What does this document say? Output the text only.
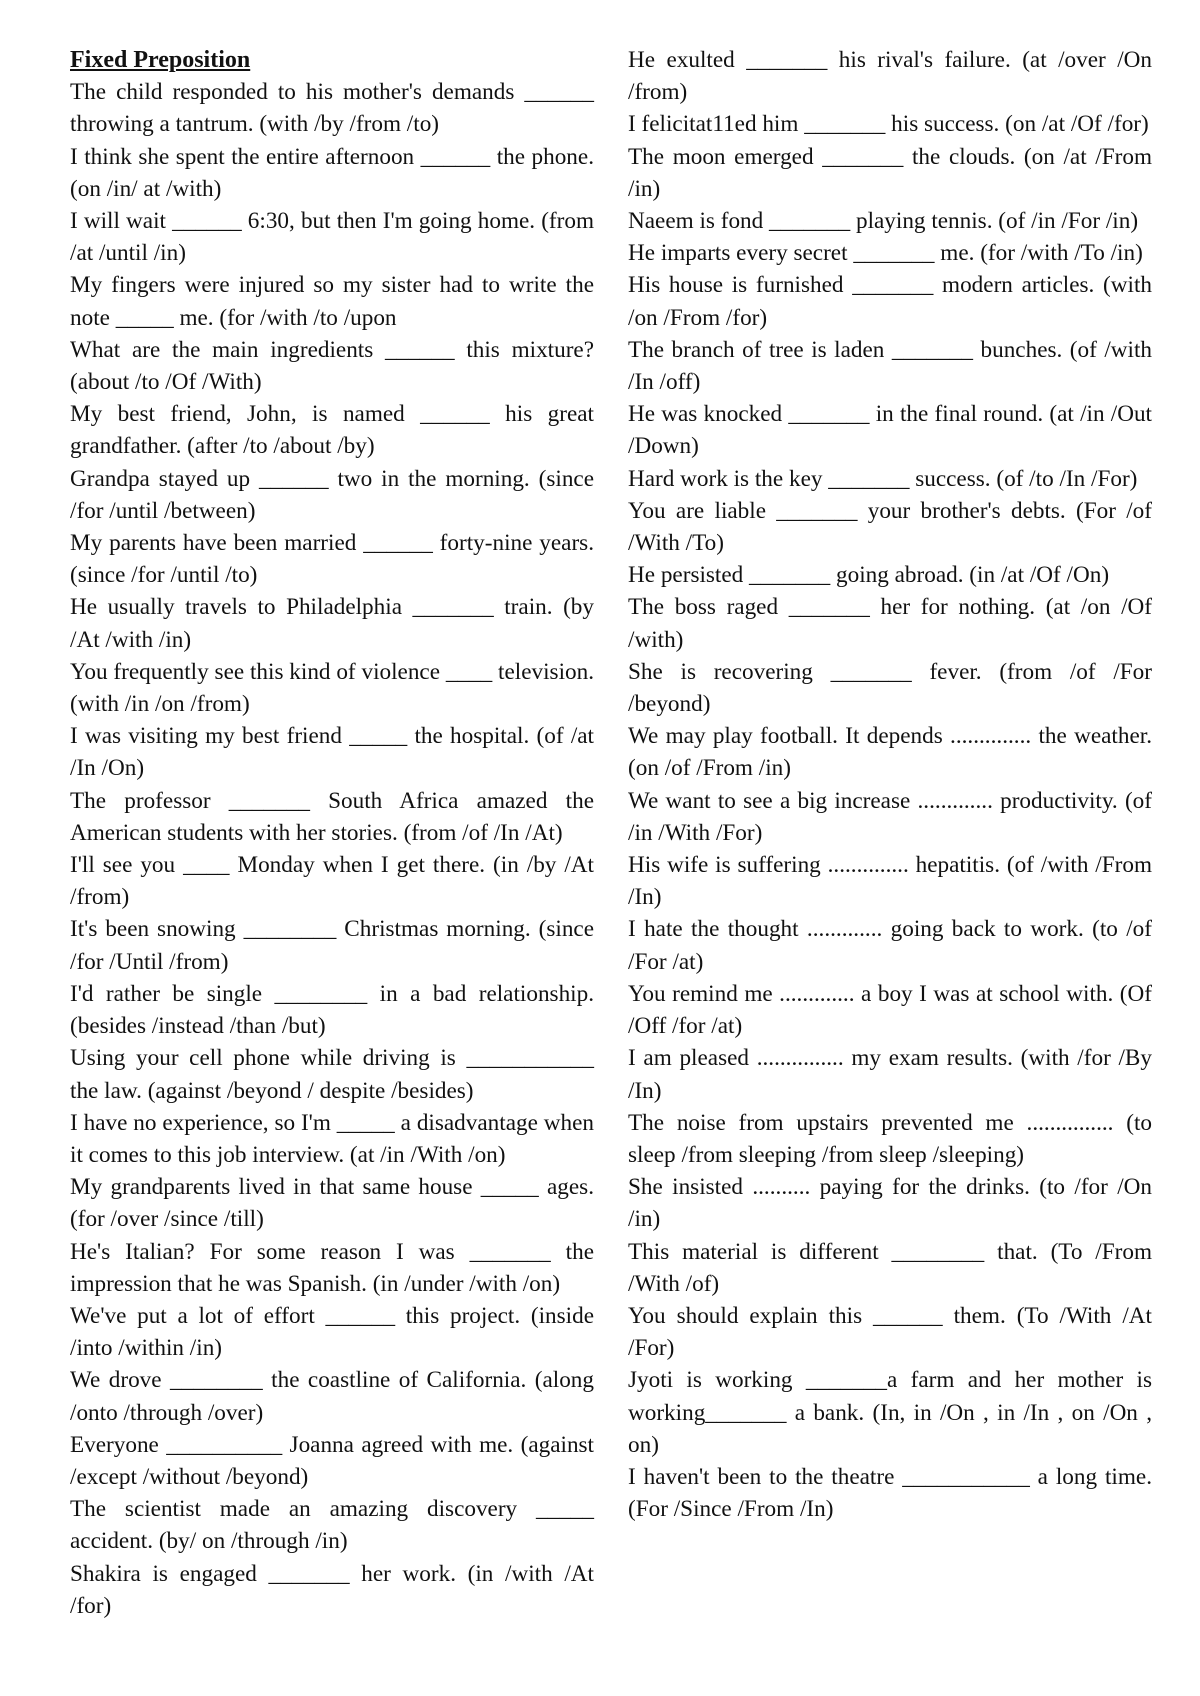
Fixed Preposition

The child responded to his mother's demands ______ throwing a tantrum. (with /by /from /to)

I think she spent the entire afternoon ______ the phone. (on /in/ at /with)

I will wait ______ 6:30, but then I'm going home. (from /at /until /in)

My fingers were injured so my sister had to write the note _____ me. (for /with /to /upon

What are the main ingredients ______ this mixture? (about /to /Of /With)

My best friend, John, is named ______ his great grandfather. (after /to /about /by)

Grandpa stayed up ______ two in the morning. (since /for /until /between)

My parents have been married ______ forty-nine years. (since /for /until /to)

He usually travels to Philadelphia _______ train. (by /At /with /in)

You frequently see this kind of violence ____ television. (with /in /on /from)

I was visiting my best friend _____ the hospital. (of /at /In /On)

The professor _______ South Africa amazed the American students with her stories. (from /of /In /At)

I'll see you ____ Monday when I get there. (in /by /At /from)

It's been snowing ________ Christmas morning. (since /for /Until /from)

I'd rather be single ________ in a bad relationship. (besides /instead /than /but)

Using your cell phone while driving is ___________ the law. (against /beyond / despite /besides)

I have no experience, so I'm _____ a disadvantage when it comes to this job interview. (at /in /With /on)

My grandparents lived in that same house _____ ages. (for /over /since /till)

He's Italian? For some reason I was _______ the impression that he was Spanish. (in /under /with /on)

We've put a lot of effort ______ this project. (inside /into /within /in)

We drove ________ the coastline of California. (along /onto /through /over)

Everyone __________ Joanna agreed with me. (against /except /without /beyond)

The scientist made an amazing discovery _____ accident. (by/ on /through /in)

Shakira is engaged _______ her work. (in /with /At /for)

He exulted _______ his rival's failure. (at /over /On /from)

I felicitat11ed him _______ his success. (on /at /Of /for)

The moon emerged _______ the clouds. (on /at /From /in)

Naeem is fond _______ playing tennis. (of /in /For /in)

He imparts every secret _______ me. (for /with /To /in)

His house is furnished _______ modern articles. (with /on /From /for)

The branch of tree is laden _______ bunches. (of /with /In /off)

He was knocked _______ in the final round. (at /in /Out /Down)

Hard work is the key _______ success. (of /to /In /For)

You are liable _______ your brother's debts. (For /of /With /To)

He persisted _______ going abroad. (in /at /Of /On)

The boss raged _______ her for nothing. (at /on /Of /with)

She is recovering _______ fever. (from /of /For /beyond)

We may play football. It depends .............. the weather. (on /of /From /in)

We want to see a big increase ............. productivity. (of /in /With /For)

His wife is suffering .............. hepatitis. (of /with /From /In)

I hate the thought ............. going back to work. (to /of /For /at)

You remind me ............. a boy I was at school with. (Of /Off /for /at)

I am pleased ............... my exam results. (with /for /By /In)

The noise from upstairs prevented me ............... (to sleep /from sleeping /from sleep /sleeping)

She insisted .......... paying for the drinks. (to /for /On /in)

This material is different ________ that. (To /From /With /of)

You should explain this ______ them. (To /With /At /For)

Jyoti is working _______a farm and her mother is working_______ a bank. (In, in /On , in /In , on /On , on)

I haven't been to the theatre ___________ a long time. (For /Since /From /In)
